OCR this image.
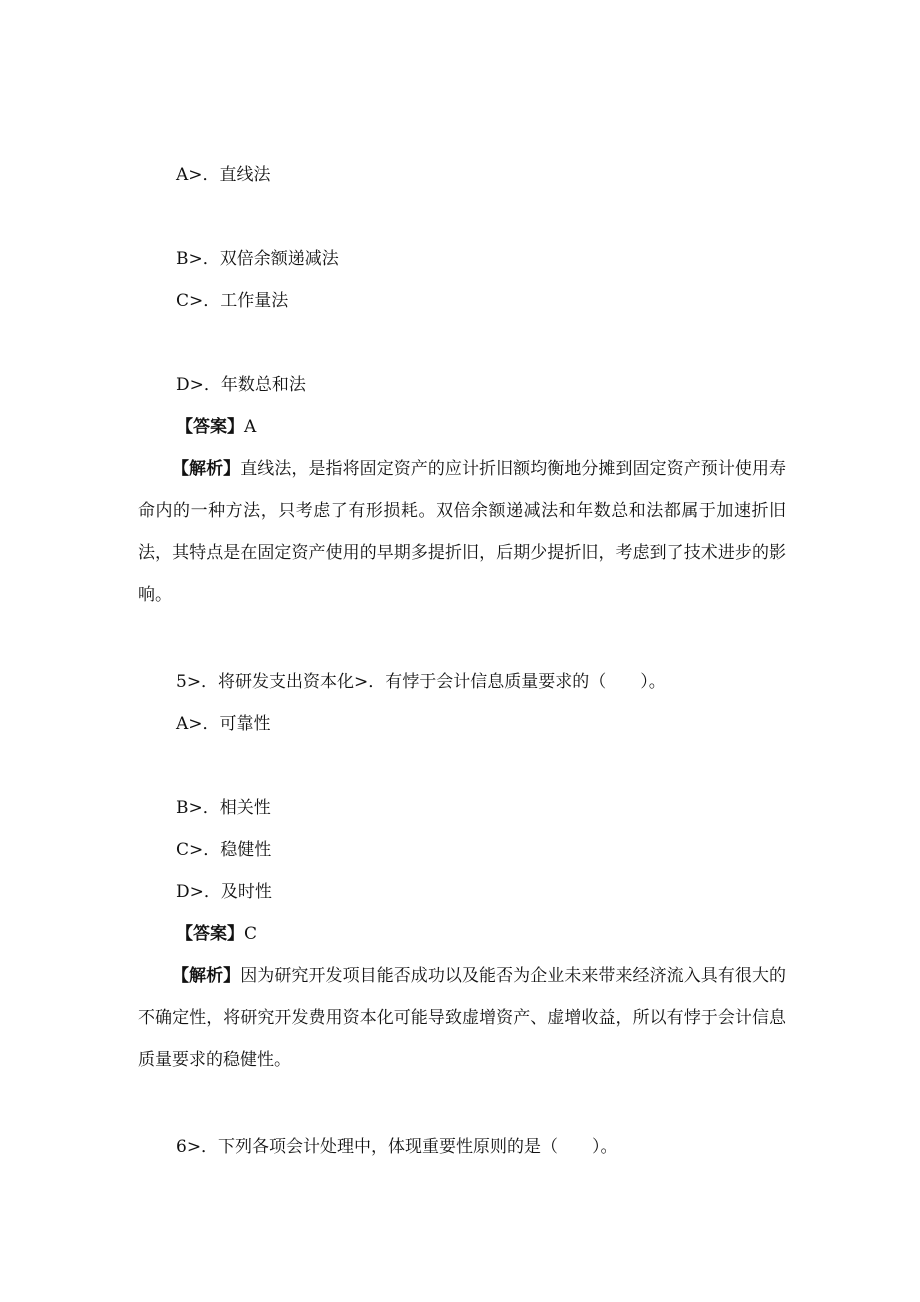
A>．直线法
B>．双倍余额递减法
C>．工作量法
D>．年数总和法
【答案】A
【解析】直线法，是指将固定资产的应计折旧额均衡地分摊到固定资产预计使用寿命内的一种方法，只考虑了有形损耗。双倍余额递减法和年数总和法都属于加速折旧法，其特点是在固定资产使用的早期多提折旧，后期少提折旧，考虑到了技术进步的影响。
5>．将研发支出资本化>．有悖于会计信息质量要求的（　　）。
A>．可靠性
B>．相关性
C>．稳健性
D>．及时性
【答案】C
【解析】因为研究开发项目能否成功以及能否为企业未来带来经济流入具有很大的不确定性，将研究开发费用资本化可能导致虚增资产、虚增收益，所以有悖于会计信息质量要求的稳健性。
6>．下列各项会计处理中，体现重要性原则的是（　　）。
